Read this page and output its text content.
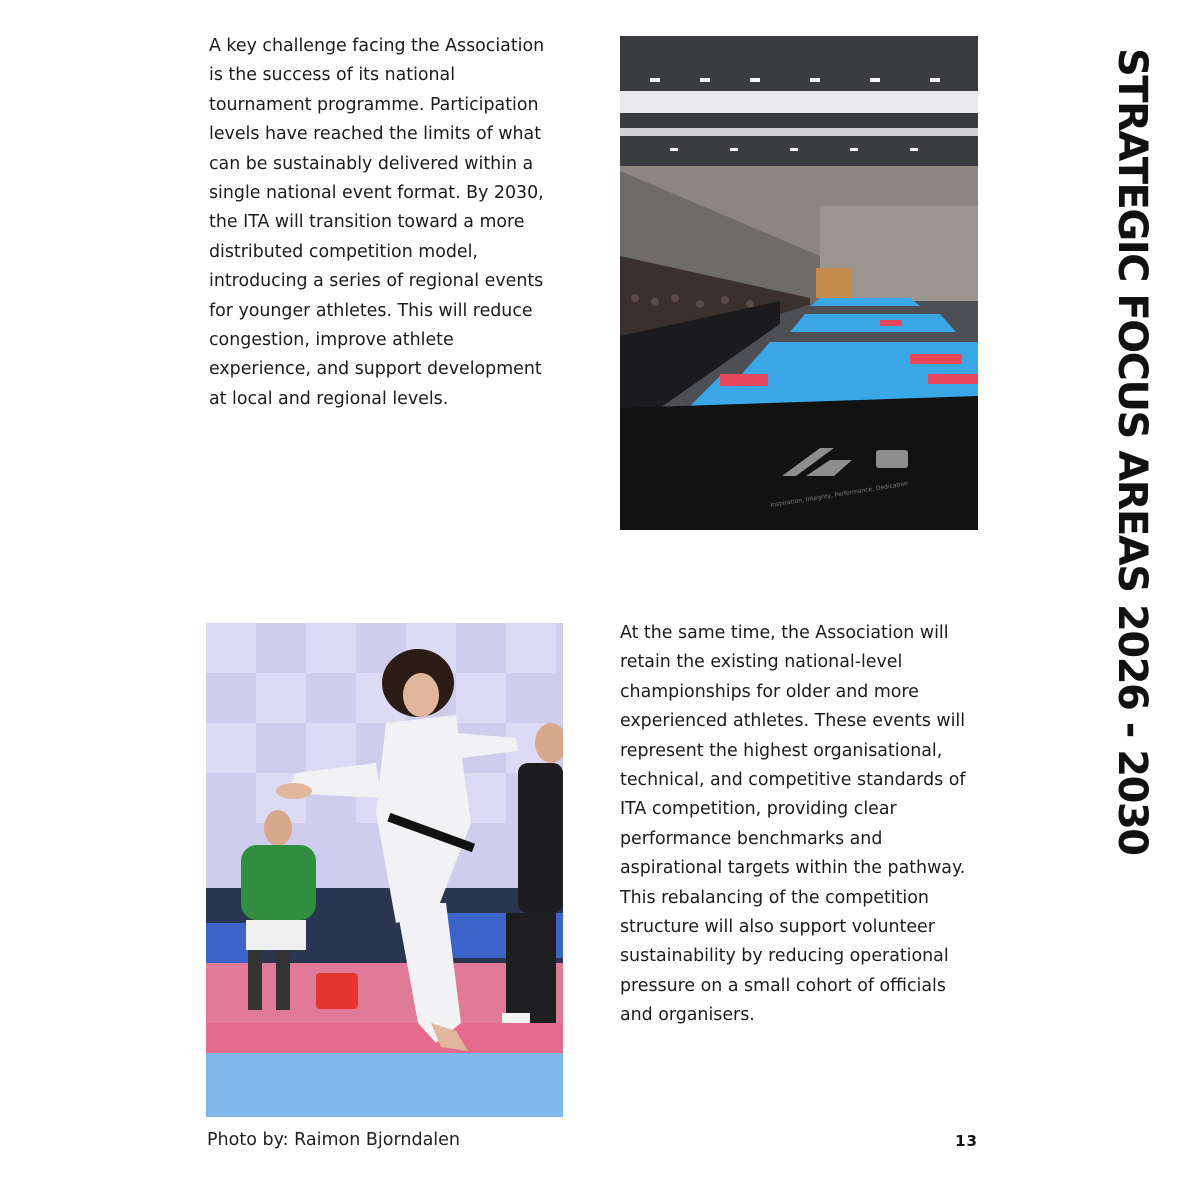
A key challenge facing the Association is the success of its national tournament programme. Participation levels have reached the limits of what can be sustainably delivered within a single national event format. By 2030, the ITA will transition toward a more distributed competition model, introducing a series of regional events for younger athletes. This will reduce congestion, improve athlete experience, and support development at local and regional levels.

Inspiration, Integrity, Performance, Dedication

At the same time, the Association will retain the existing national-level championships for older and more experienced athletes. These events will represent the highest organisational, technical, and competitive standards of ITA competition, providing clear performance benchmarks and aspirational targets within the pathway. This rebalancing of the competition structure will also support volunteer sustainability by reducing operational pressure on a small cohort of officials and organisers.

Photo by: Raimon Bjorndalen	13
STRATEGIC FOCUS AREAS 2026 - 2030
